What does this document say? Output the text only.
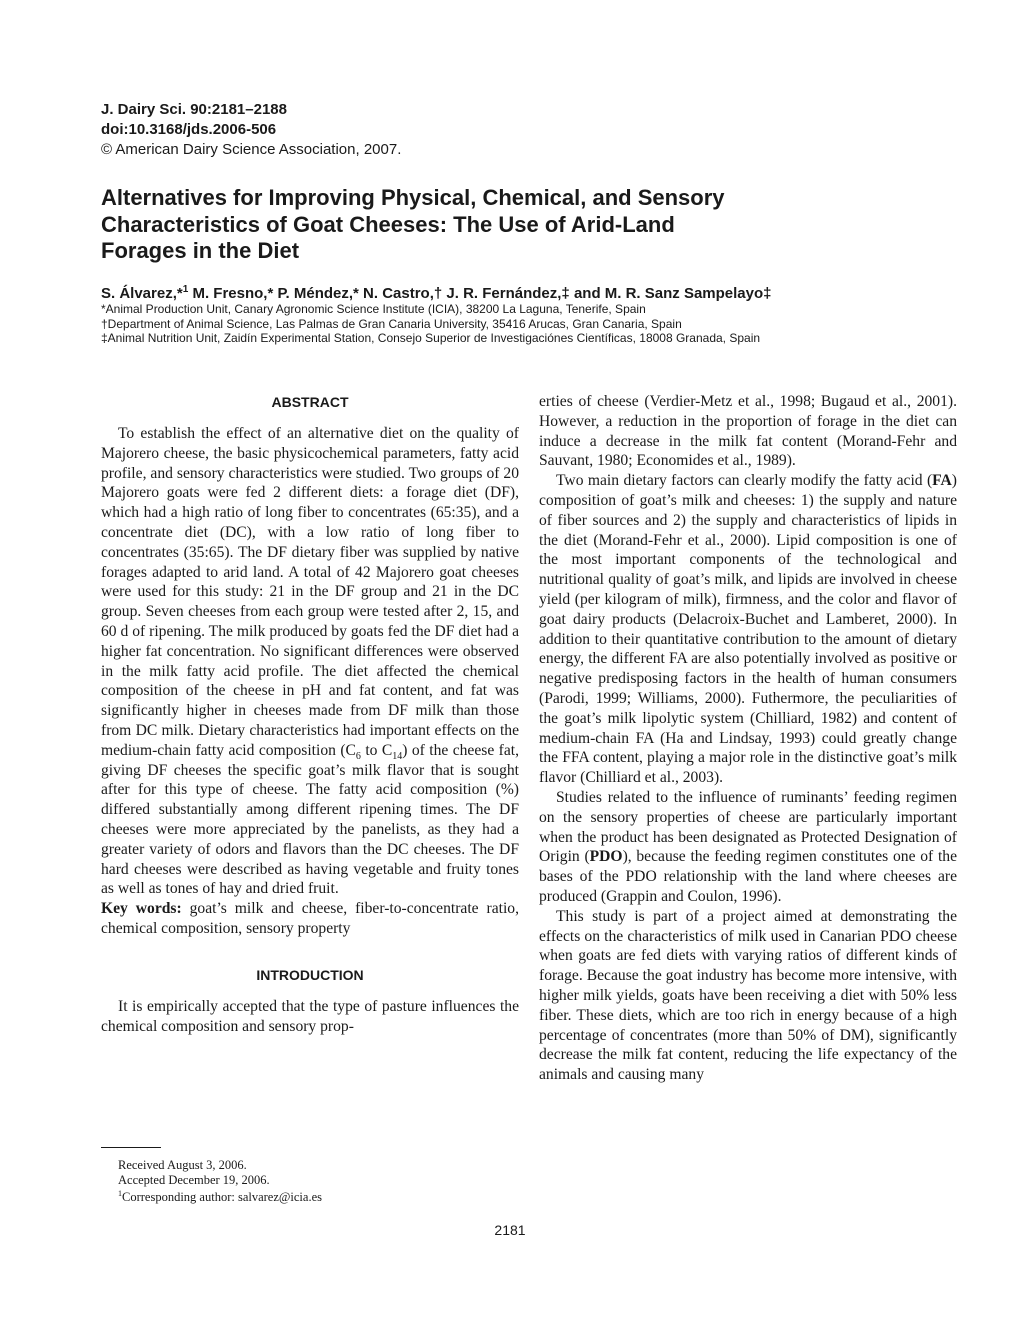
J. Dairy Sci. 90:2181–2188
doi:10.3168/jds.2006-506
© American Dairy Science Association, 2007.
Alternatives for Improving Physical, Chemical, and Sensory
Characteristics of Goat Cheeses: The Use of Arid-Land
Forages in the Diet
S. Álvarez,*$^1$ M. Fresno,* P. Méndez,* N. Castro,† J. R. Fernández,‡ and M. R. Sanz Sampelayo‡
*Animal Production Unit, Canary Agronomic Science Institute (ICIA), 38200 La Laguna, Tenerife, Spain
†Department of Animal Science, Las Palmas de Gran Canaria University, 35416 Arucas, Gran Canaria, Spain
‡Animal Nutrition Unit, Zaidín Experimental Station, Consejo Superior de Investigaciónes Científicas, 18008 Granada, Spain
ABSTRACT

To establish the effect of an alternative diet on the quality of Majorero cheese, the basic physicochemical parameters, fatty acid profile, and sensory characteristics were studied. Two groups of 20 Majorero goats were fed 2 different diets: a forage diet (DF), which had a high ratio of long fiber to concentrates (65:35), and a concentrate diet (DC), with a low ratio of long fiber to concentrates (35:65). The DF dietary fiber was supplied by native forages adapted to arid land. A total of 42 Majorero goat cheeses were used for this study: 21 in the DF group and 21 in the DC group. Seven cheeses from each group were tested after 2, 15, and 60 d of ripening. The milk produced by goats fed the DF diet had a higher fat concentration. No significant differences were observed in the milk fatty acid profile. The diet affected the chemical composition of the cheese in pH and fat content, and fat was significantly higher in cheeses made from DF milk than those from DC milk. Dietary characteristics had important effects on the medium-chain fatty acid composition ($C_6$ to $C_{14}$) of the cheese fat, giving DF cheeses the specific goat’s milk flavor that is sought after for this type of cheese. The fatty acid composition (%) differed substantially among different ripening times. The DF cheeses were more appreciated by the panelists, as they had a greater variety of odors and flavors than the DC cheeses. The DF hard cheeses were described as having vegetable and fruity tones as well as tones of hay and dried fruit.
Key words: goat’s milk and cheese, fiber-to-concentrate ratio, chemical composition, sensory property

INTRODUCTION

It is empirically accepted that the type of pasture influences the chemical composition and sensory prop-

erties of cheese (Verdier-Metz et al., 1998; Bugaud et al., 2001). However, a reduction in the proportion of forage in the diet can induce a decrease in the milk fat content (Morand-Fehr and Sauvant, 1980; Economides et al., 1989).

Two main dietary factors can clearly modify the fatty acid (FA) composition of goat’s milk and cheeses: 1) the supply and nature of fiber sources and 2) the supply and characteristics of lipids in the diet (Morand-Fehr et al., 2000). Lipid composition is one of the most important components of the technological and nutritional quality of goat’s milk, and lipids are involved in cheese yield (per kilogram of milk), firmness, and the color and flavor of goat dairy products (Delacroix-Buchet and Lamberet, 2000). In addition to their quantitative contribution to the amount of dietary energy, the different FA are also potentially involved as positive or negative predisposing factors in the health of human consumers (Parodi, 1999; Williams, 2000). Futhermore, the peculiarities of the goat’s milk lipolytic system (Chilliard, 1982) and content of medium-chain FA (Ha and Lindsay, 1993) could greatly change the FFA content, playing a major role in the distinctive goat’s milk flavor (Chilliard et al., 2003).

Studies related to the influence of ruminants’ feeding regimen on the sensory properties of cheese are particularly important when the product has been designated as Protected Designation of Origin (PDO), because the feeding regimen constitutes one of the bases of the PDO relationship with the land where cheeses are produced (Grappin and Coulon, 1996).

This study is part of a project aimed at demonstrating the effects on the characteristics of milk used in Canarian PDO cheese when goats are fed diets with varying ratios of different kinds of forage. Because the goat industry has become more intensive, with higher milk yields, goats have been receiving a diet with 50% less fiber. These diets, which are too rich in energy because of a high percentage of concentrates (more than 50% of DM), significantly decrease the milk fat content, reducing the life expectancy of the animals and causing many

Received August 3, 2006.
Accepted December 19, 2006.
$^1$Corresponding author: salvarez@icia.es
2181
